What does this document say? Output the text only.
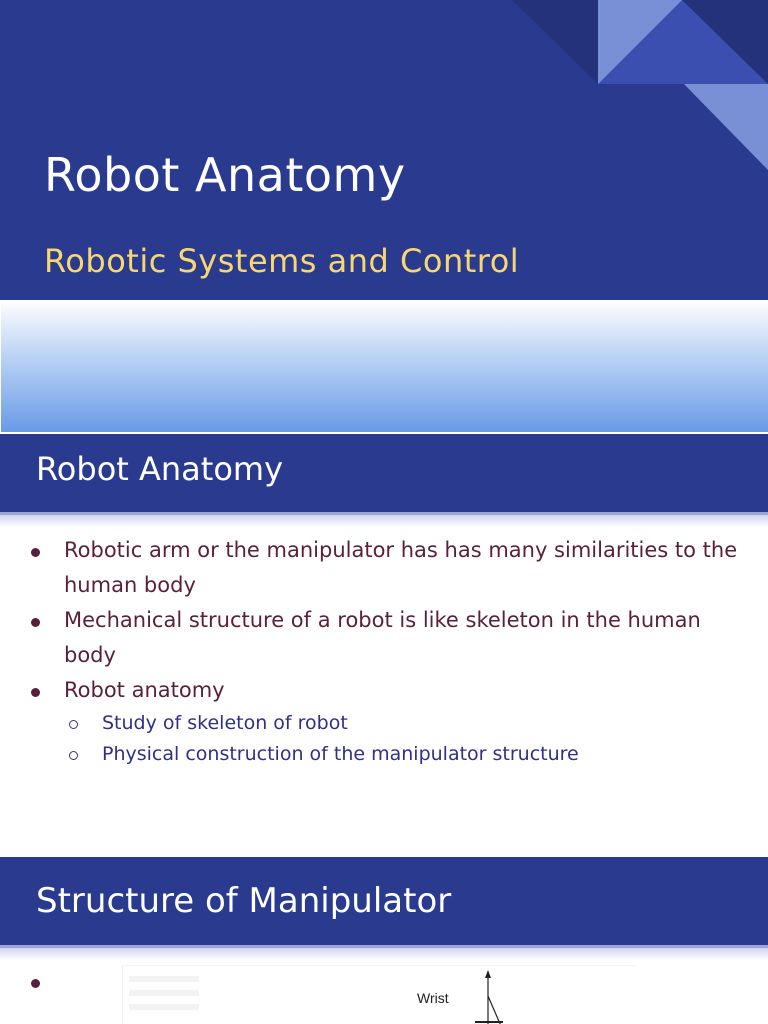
Robot Anatomy
Robotic Systems and Control
Robot Anatomy
Robotic arm or the manipulator has has many similarities to the human body
Mechanical structure of a robot is like skeleton in the human body
Robot anatomy
Study of skeleton of robot
Physical construction of the manipulator structure
Structure of Manipulator
Wrist
